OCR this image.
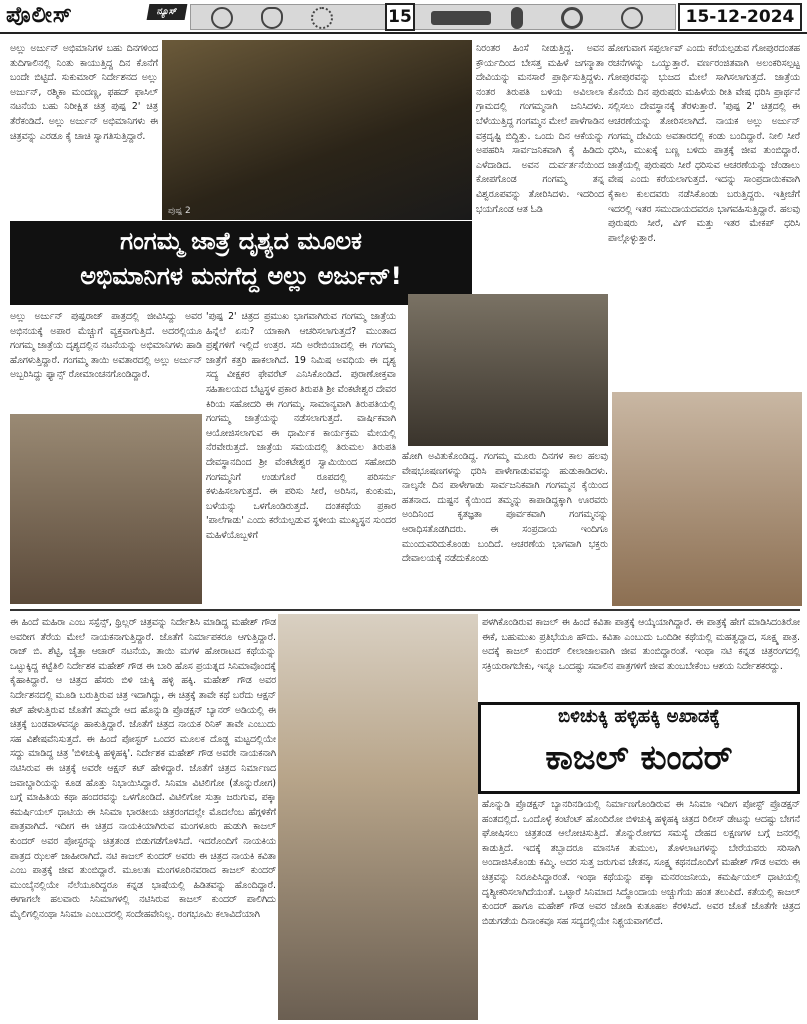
ಪೊಲೀಸ್	ನ್ಯೂಸ್	15	15-12-2024
ಅಲ್ಲು ಅರ್ಜುನ್ ಅಭಿಮಾನಿಗಳ ಬಹು ದಿನಗಳಿಂದ ತುದಿಗಾಲಿನಲ್ಲಿ ನಿಂತು ಕಾಯುತ್ತಿದ್ದ ದಿನ ಕೊನೆಗೆ ಬಂದೇ ಬಿಟ್ಟಿದೆ. ಸುಕುಮಾರ್ ನಿರ್ದೇಶನದ ಅಲ್ಲು ಅರ್ಜುನ್, ರಶ್ಮಿಕಾ ಮಂದಣ್ಣ, ಫಹದ್ ಫಾಸಿಲ್ ನಟನೆಯ ಬಹು ನಿರೀಕ್ಷಿತ ಚಿತ್ರ ಪುಷ್ಪ 2' ಚಿತ್ರ ತೆರೆಕಂಡಿದೆ. ಅಲ್ಲು ಅರ್ಜುನ್ ಅಭಿಮಾನಿಗಳು ಈ ಚಿತ್ರವನ್ನು ಎರಡೂ ಕೈ ಚಾಚಿ ಸ್ವಾಗತಿಸುತ್ತಿದ್ದಾರೆ.
ಪುಷ್ಪ 2
ಗಂಗಮ್ಮ ಜಾತ್ರೆ ದೃಶ್ಯದ ಮೂಲಕ
ಅಭಿಮಾನಿಗಳ ಮನಗೆದ್ದ ಅಲ್ಲು ಅರ್ಜುನ್!
ಅಲ್ಲು ಅರ್ಜುನ್ ಪುಷ್ಪರಾಜ್ ಪಾತ್ರದಲ್ಲಿ ಜೀವಿಸಿದ್ದು ಅವರ ಅಭಿನಯಕ್ಕೆ ಅಪಾರ ಮೆಚ್ಚುಗೆ ವ್ಯಕ್ತವಾಗುತ್ತಿದೆ. ಅದರಲ್ಲಿಯೂ ಗಂಗಮ್ಮ ಜಾತ್ರೆಯ ದೃಶ್ಯದಲ್ಲಿನ ನಟನೆಯನ್ನು ಅಭಿಮಾನಿಗಳು ಹಾಡಿ ಹೊಗಳುತ್ತಿದ್ದಾರೆ. ಗಂಗಮ್ಮ ತಾಯಿ ಅವತಾರದಲ್ಲಿ ಅಲ್ಲು ಅರ್ಜುನ್ ಅಬ್ಬರಿಸಿದ್ದು ಫ್ಯಾನ್ಸ್ ರೋಮಾಂಚನಗೊಂಡಿದ್ದಾರೆ.
'ಪುಷ್ಪ 2' ಚಿತ್ರದ ಪ್ರಮುಖ ಭಾಗವಾಗಿರುವ ಗಂಗಮ್ಮ ಜಾತ್ರೆಯ ಹಿನ್ನೆಲೆ ಏನು? ಯಾಕಾಗಿ ಆಚರಿಸಲಾಗುತ್ತದೆ? ಮುಂತಾದ ಪ್ರಶ್ನೆಗಳಿಗೆ ಇಲ್ಲಿದೆ ಉತ್ತರ. ಸದಿ ಅರೇಬಿಯಾದಲ್ಲಿ ಈ ಗಂಗಮ್ಮ ಜಾತ್ರೆಗೆ ಕತ್ತರಿ ಹಾಕಲಾಗಿದೆ. 19 ನಿಮಿಷ ಅವಧಿಯ ಈ ದೃಶ್ಯ ಸದ್ಯ ವೀಕ್ಷಕರ ಫೇವರೆಟ್ ಎನಿಸಿಕೊಂಡಿದೆ. ಪುರಾಣೋಕ್ತವಾ ಸಹಿತಾಲಯದ ಬೆಟ್ಟಸ್ಥಳ ಪ್ರಕಾರ ತಿರುಪತಿ ಶ್ರೀ ವೆಂಕಟೇಶ್ವರ ದೇವರ ಕಿರಿಯ ಸಹೋದರಿ ಈ ಗಂಗಮ್ಮ. ಸಾಮಾನ್ಯವಾಗಿ ತಿರುಪತಿಯಲ್ಲಿ ಗಂಗಮ್ಮ ಜಾತ್ರೆಯನ್ನು ನಡೆಸಲಾಗುತ್ತದೆ. ವಾರ್ಷಿಕವಾಗಿ ಆಯೋಜಿಸಲಾಗುವ ಈ ಧಾರ್ಮಿಕ ಕಾರ್ಯಕ್ರಮ ಮೇಯಲ್ಲಿ ನೆರವೇರುತ್ತದೆ. ಜಾತ್ರೆಯ ಸಮಯದಲ್ಲಿ ತಿರುಮಲ ತಿರುಪತಿ ದೇವಸ್ಥಾನದಿಂದ ಶ್ರೀ ವೆಂಕಟೇಶ್ವರ ಸ್ವಾಮಿಯಿಂದ ಸಹೋದರಿ ಗಂಗಮ್ಮನಿಗೆ ಉಡುಗೊರೆ ರೂಪದಲ್ಲಿ ಪರಿಸರ್ನು ಕಳುಹಿಸಲಾಗುತ್ತದೆ. ಈ ಪರಿಸು ಸೀರೆ, ಅರಿಸಿನ, ಕುಂಕುಮ, ಬಳೆಯನ್ನು ಒಳಗೊಂಡಿರುತ್ತದೆ. ದಂತಕಥೆಯ ಪ್ರಕಾರ 'ಪಾಲೆಗಾಡು' ಎಂದು ಕರೆಯಲ್ಪಡುವ ಸ್ಥಳೀಯ ಮುಖ್ಯಸ್ಥನ ಸುಂದರ ಮಹಿಳೆಯೊಬ್ಬಳಿಗೆ
ನಿರಂತರ ಹಿಂಸೆ ನೀಡುತ್ತಿದ್ದ. ಅವನ ಕ್ರೌರ್ಯದಿಂದ ಬೇಸತ್ತ ಮಹಿಳೆ ಜಗನ್ಮಾತಾ ದೇವಿಯನ್ನು ಮನಸಾರೆ ಪ್ರಾರ್ಥಿಸುತ್ತಿದ್ದಳು. ನಂತರ ತಿರುಪತಿ ಬಳಿಯ ಅವಿಲಾಲಾ ಗ್ರಾಮದಲ್ಲಿ ಗಂಗಮ್ಮನಾಗಿ ಜನಿಸಿದಳು. ಬೆಳೆಯುತ್ತಿದ್ದ ಗಂಗಮ್ಮನ ಮೇಲೆ ಪಾಳೆಗಾಡಿನ ವಕ್ರದೃಷ್ಟಿ ಬಿದ್ದಿತ್ತು. ಒಂದು ದಿನ ಆಕೆಯನ್ನು ಅಪಹರಿಸಿ ಸಾರ್ವಜನಿಕವಾಗಿ ಕೈ ಹಿಡಿದು ಎಳೆದಾಡಿದ. ಅವನ ದುರ್ವರ್ತನೆಯಿಂದ ಕೋಪಗೊಂಡ ಗಂಗಮ್ಮ ತನ್ನ ವಿಶ್ವರೂಪವನ್ನು ತೋರಿಸಿದಳು. ಇದರಿಂದ ಭಯಗೊಂಡ ಆತ ಓಡಿ
ಹೋಗಿ ಅವಿತುಕೊಂಡಿದ್ದ. ಗಂಗಮ್ಮ ಮೂರು ದಿನಗಳ ಕಾಲ ಹಲವು ವೇಷಭೂಷಣಗಳನ್ನು ಧರಿಸಿ ಪಾಳೇಗಾಡುವವನ್ನು ಹುಡುಕಾಡಿದಳು. ನಾಲ್ಕನೇ ದಿನ ಪಾಳೇಗಾಡು ಸಾರ್ವಜನಿಕವಾಗಿ ಗಂಗಮ್ಮನ ಕೈಯಿಂದ ಹತನಾದ. ದುಷ್ಟನ ಕೈಯಿಂದ ತಮ್ಮನ್ನು ಕಾಪಾಡಿದ್ದಕ್ಕಾಗಿ ಊರವರು ಅಂದಿನಿಂದ ಕೃತಜ್ಞತಾ ಪೂರ್ವಕವಾಗಿ ಗಂಗಮ್ಮನನ್ನು ಆರಾಧಿಸತೊಡಗಿದರು. ಈ ಸಂಪ್ರದಾಯ ಇಂದಿಗೂ ಮುಂದುವರಿದುಕೊಂಡು ಬಂದಿದೆ. ಆಚರಣೆಯ ಭಾಗವಾಗಿ ಭಕ್ತರು ದೇವಾಲಯಕ್ಕೆ ನಡೆದುಕೊಂಡು
ಹೋಗುವಾಗ ಸಪ್ಪರ್ಲಾವ್ ಎಂದು ಕರೆಯಲ್ಪಡುವ ಗೋಪುರದಂತಹ ರಚನೆಗಳನ್ನು ಒಯ್ಯುತ್ತಾರೆ. ವರ್ಣರಂಜಿತವಾಗಿ ಅಲಂಕರಿಸಲ್ಪಟ್ಟ ಗೋಪುರವನ್ನು ಭುಜದ ಮೇಲೆ ಸಾಗಿಸಲಾಗುತ್ತದೆ. ಜಾತ್ರೆಯ ಕೊನೆಯ ದಿನ ಪುರುಷರು ಮಹಿಳೆಯ ರೀತಿ ವೇಷ ಧರಿಸಿ ಪ್ರಾರ್ಥನೆ ಸಲ್ಲಿಸಲು ದೇವಸ್ಥಾನಕ್ಕೆ ತೆರಳುತ್ತಾರೆ. 'ಪುಷ್ಪ 2' ಚಿತ್ರದಲ್ಲಿ ಈ ಆಚರಣೆಯನ್ನು ತೋರಿಸಲಾಗಿದೆ. ನಾಯಕ ಅಲ್ಲು ಅರ್ಜುನ್ ಗಂಗಮ್ಮ ದೇವಿಯ ಅವತಾರದಲ್ಲಿ ಕಂಡು ಬಂದಿದ್ದಾರೆ. ನೀಲಿ ಸೀರೆ ಧರಿಸಿ, ಮುಖಕ್ಕೆ ಬಣ್ಣ ಬಳಿದು ಪಾತ್ರಕ್ಕೆ ಜೀವ ತುಂಬಿದ್ದಾರೆ. ಜಾತ್ರೆಯಲ್ಲಿ ಪುರುಷರು ಸೀರೆ ಧರಿಸುವ ಆಚರಣೆಯನ್ನು ಜೆಂಡಾಲು ವೇಷ ಎಂದು ಕರೆಯಲಾಗುತ್ತದೆ. ಇದನ್ನು ಸಾಂಪ್ರದಾಯಿಕವಾಗಿ ಕೈಕಾಲ ಕುಲದವರು ನಡೆಸಿಕೊಂಡು ಬರುತ್ತಿದ್ದರು. ಇತ್ತೀಚೆಗೆ ಇದರಲ್ಲಿ ಇತರ ಸಮುದಾಯದವರೂ ಭಾಗವಹಿಸುತ್ತಿದ್ದಾರೆ. ಹಲವು ಪುರುಷರು ಸೀರೆ, ವಿಗ್ ಮತ್ತು ಇತರ ಮೇಕಪ್ ಧರಿಸಿ ಪಾಲ್ಗೊಳ್ಳುತ್ತಾರೆ.
ಈ ಹಿಂದೆ ಮಹಿರಾ ಎಂಬ ಸಸ್ಪೆನ್ಸ್, ಥ್ರಿಲ್ಲರ್ ಚಿತ್ರವನ್ನು ನಿರ್ದೇಶಿಸಿ ಮಾಡಿದ್ದ ಮಹೇಶ್ ಗೌಡ ಅವರೀಗ ತೆರೆಯ ಮೇಲೆ ನಾಯಕನಾಗುತ್ತಿದ್ದಾರೆ. ಜೊತೆಗೆ ನಿರ್ಮಾಪಕರೂ ಆಗುತ್ತಿದ್ದಾರೆ. ರಾಜ್ ಬಿ. ಶೆಟ್ಟಿ, ಚೈತ್ರಾ ಆಚಾರ್ ನಟನೆಯ, ತಾಯಿ ಮಗಳ ಹೋರಾಟದ ಕಥೆಯನ್ನು ಒಟ್ಟುಕ್ಕಿದ್ದ ಕಟ್ಟೆತಿಲಿ ನಿರ್ದೇಶಕ ಮಹೇಶ್ ಗೌಡ ಈ ಬಾರಿ ಹೊಸ ಪ್ರಯತ್ನದ ಸಿನಿಮಾವೊಂದಕ್ಕೆ ಕೈಹಾಕಿದ್ದಾರೆ. ಆ ಚಿತ್ರದ ಹೆಸರು ಬಿಳಿ ಚುಕ್ಕಿ ಹಳ್ಳಿ ಹಕ್ಕಿ. ಮಹೇಶ್ ಗೌಡ ಅವರ ನಿರ್ದೇಶನದಲ್ಲಿ ಮೂಡಿ ಬರುತ್ತಿರುವ ಚಿತ್ರ ಇದಾಗಿದ್ದು, ಈ ಚಿತ್ರಕ್ಕೆ ತಾವೇ ಕಥೆ ಬರೆದು ಆಕ್ಷನ್ ಕಟ್ ಹೇಳುತ್ತಿರುವ ಜೊತೆಗೆ ತಮ್ಮದೇ ಆದ ಹೊನ್ನುಡಿ ಪ್ರೊಡಕ್ಷನ್ ಬ್ಯಾನರ್ ಅಡಿಯಲ್ಲಿ ಈ ಚಿತ್ರಕ್ಕೆ ಬಂಡವಾಳವನ್ನೂ ಹಾಕುತ್ತಿದ್ದಾರೆ. ಜೊತೆಗೆ ಚಿತ್ರದ ನಾಯಕ ರಿನಿಕ್ ತಾವೇ ಎಂಬುದು ಸಹ ವಿಶೇಷವೆನಿಸುತ್ತದೆ. ಈ ಹಿಂದೆ ಪೋಸ್ಟರ್ ಒಂದರ ಮೂಲಕ ದೊಡ್ಡ ಮಟ್ಟದಲ್ಲಿಯೇ ಸದ್ದು ಮಾಡಿದ್ದ ಚಿತ್ರ 'ಬಿಳಿಚುಕ್ಕಿ ಹಳ್ಳಿಹಕ್ಕಿ'. ನಿರ್ದೇಶಕ ಮಹೇಶ್ ಗೌಡ ಅವರೇ ನಾಯಕನಾಗಿ ನಟಿಸಿರುವ ಈ ಚಿತ್ರಕ್ಕೆ ಅವರೇ ಆಕ್ಷನ್ ಕಟ್ ಹೇಳಿದ್ದಾರೆ. ಜೊತೆಗೆ ಚಿತ್ರದ ನಿರ್ಮಾಣದ ಜವಾಬ್ದಾರಿಯನ್ನು ಕೂಡ ಹೊತ್ತು ನಿಭಾಯಿಸಿದ್ದಾರೆ. ಸಿನಿಮಾ ವಿಟಿಲಿಗೋ (ತೊನ್ನುರೋಗ) ಬಗ್ಗೆ ಮಾಹಿತಿಯ ಕಥಾ ಹಂದರವನ್ನು ಒಳಗೊಂಡಿದೆ. ವಿಟಿಲಿಗೋ ಸುತ್ತಾ ಜರುಗುವ, ಪಕ್ಕಾ ಕಮರ್ಷಿಯಲ್ ಧಾಟಿಯ ಈ ಸಿನಿಮಾ ಭಾರತೀಯ ಚಿತ್ರರಂಗದಲ್ಲೇ ಮೊದಲೆಂಬ ಹೆಗ್ಗಳಿಕೆಗೆ ಪಾತ್ರವಾಗಿದೆ. ಇದೀಗ ಈ ಚಿತ್ರದ ನಾಯಕಿಯಾಗಿರುವ ಮಂಗಳೂರು ಹುಡುಗಿ ಕಾಜಲ್ ಕುಂದರ್ ಅವರ ಪೋಸ್ಟರನ್ನು ಚಿತ್ರತಂಡ ಬಿಡುಗಡೆಗೊಳಿಸಿದೆ. ಇದರೊಂದಿಗೆ ನಾಯಕಿಯ ಪಾತ್ರದ ಝಲಕ್ ಜಾಹೀರಾಗಿದೆ. ನಟಿ ಕಾಜಲ್ ಕುಂದರ್ ಅವರು ಈ ಚಿತ್ರದ ನಾಯಕಿ ಕವಿತಾ ಎಂಬ ಪಾತ್ರಕ್ಕೆ ಜೀವ ತುಂಬಿದ್ದಾರೆ. ಮೂಲತಃ ಮಂಗಳೂರಿನವರಾದ ಕಾಜಲ್ ಕುಂದರ್ ಮುಂಬೈನಲ್ಲಿಯೇ ನೆಲೆಯೂರಿದ್ದರೂ ಕನ್ನಡ ಭಾಷೆಯಲ್ಲಿ ಹಿಡಿತವನ್ನು ಹೊಂದಿದ್ದಾರೆ. ಈಗಾಗಲೇ ಹಲವಾರು ಸಿನಿಮಾಗಳಲ್ಲಿ ನಟಿಸಿರುವ ಕಾಜಲ್ ಕುಂದರ್ ಪಾಲಿಗಿದು ಮೈಲಿಗಲ್ಲಿನಂಥಾ ಸಿನಿಮಾ ಎಂಬುದರಲ್ಲಿ ಸಂದೇಹವೇನಿಲ್ಲ. ರಂಗಭೂಮಿ ಕಲಾವಿದೆಯಾಗಿ
ಪಳಗಿಕೊಂಡಿರುವ ಕಾಜಲ್ ಈ ಹಿಂದೆ ಕವಿತಾ ಪಾತ್ರಕ್ಕೆ ಆಯ್ಕೆಯಾಗಿದ್ದಾರೆ. ಈ ಪಾತ್ರಕ್ಕೆ ಹೇಗೆ ಮಾಡಿಸಿದಂತಿರೋ ಈಕೆ, ಬಹುಮುಖ ಪ್ರತಿಭೆಯೂ ಹೌದು. ಕವಿತಾ ಎಂಬುದು ಒಂದಿಡೀ ಕಥೆಯಲ್ಲಿ ಮಹತ್ವದ್ದಾದ, ಸೂಕ್ಷ್ಮ ಪಾತ್ರ. ಅದಕ್ಕೆ ಕಾಜಲ್ ಕುಂದರ್ ಲೀಲಾಜಾಲವಾಗಿ ಜೀವ ತುಂಬಿದ್ದಾರಂತೆ. ಇಂಥಾ ನಟಿ ಕನ್ನಡ ಚಿತ್ರರಂಗದಲ್ಲಿ ಸಕ್ರಿಯರಾಗಬೇಕು, ಇನ್ನೂ ಒಂದಷ್ಟು ಸವಾಲಿನ ಪಾತ್ರಗಳಿಗೆ ಜೀವ ತುಂಬಬೇಕೆಂಬ ಆಶಯ ನಿರ್ದೇಶಕರದ್ದು.
ಬಿಳಿಚುಕ್ಕಿ ಹಳ್ಳಿಹಕ್ಕಿ ಅಖಾಡಕ್ಕೆ
ಕಾಜಲ್ ಕುಂದರ್
ಹೊನ್ನುಡಿ ಪ್ರೊಡಕ್ಷನ್ ಬ್ಯಾನರಿನಡಿಯಲ್ಲಿ ನಿರ್ಮಾಣಗೊಂಡಿರುವ ಈ ಸಿನಿಮಾ ಇದೀಗ ಪೋಸ್ಟ್ ಪ್ರೊಡಕ್ಷನ್ ಹಂತದಲ್ಲಿದೆ. ಒಂದೊಳ್ಳೆ ಕಂಟೆಂಟ್ ಹೊಂದಿರೋ ಬಿಳಿಚುಕ್ಕಿ ಹಳ್ಳಿಹಕ್ಕಿ ಚಿತ್ರದ ರಿಲೀಸ್ ಡೇಟನ್ನು ಆದಷ್ಟು ಬೇಗನೆ ಘೋಷಿಸಲು ಚಿತ್ರತಂಡ ಆಲೋಚಿಸುತ್ತಿದೆ. ತೊನ್ನುರೋಗದ ಸಮಸ್ಯೆ ದೇಹದ ಲಕ್ಷಣಗಳ ಬಗ್ಗೆ ಜನರಲ್ಲಿ ಕಾಡುತ್ತಿದೆ. ಇದಕ್ಕೆ ತಬ್ಬಾದರೂ ಮಾನಸಿಕ ತುಮುಲ, ತೊಳಲಾಟಗಳನ್ನು ಬೇರೆಯವರು ಸರಿಸಾಗಿ ಅಂದಾಜಿಸಿಕೊಂಡು ಕಮ್ಮಿ. ಅದರ ಸುತ್ತ ಜರುಗುವ ಚೇತನ, ಸೂಕ್ಷ್ಮ ಕಥನದೊಂದಿಗೆ ಮಹೇಶ್ ಗೌಡ ಅವರು ಈ ಚಿತ್ರವನ್ನು ನಿರೂಪಿಸಿದ್ದಾರಂತೆ. ಇಂಥಾ ಕಥೆಯನ್ನು ಪಕ್ಕಾ ಮನರಂಜನೀಯ, ಕಮರ್ಷಿಯಲ್ ಧಾಟಿಯಲ್ಲಿ ದೃಶ್ಯೀಕರಿಸಲಾಗಿದೆಯಂತೆ. ಒಟ್ಟಾರೆ ಸಿನಿಮಾದ ಸಿದ್ಧೊಂದಾಯ ಅಚ್ಚುಗೆಯ ಹಂತ ತಲುಪಿದೆ. ಕತೆಯಲ್ಲಿ ಕಾಜಲ್ ಕುಂದರ್ ಹಾಗೂ ಮಹೇಶ್ ಗೌಡ ಅವರ ಜೋಡಿ ಕುತೂಹಲ ಕೆರಳಿಸಿದೆ. ಅವರ ಜೊತೆ ಜೊತೆಗೇ ಚಿತ್ರದ ಬಿಡುಗಡೆಯ ದಿನಾಂಕವೂ ಸಹ ಸದ್ಯದಲ್ಲಿಯೇ ನಿಶ್ಚಯವಾಗಲಿದೆ.
